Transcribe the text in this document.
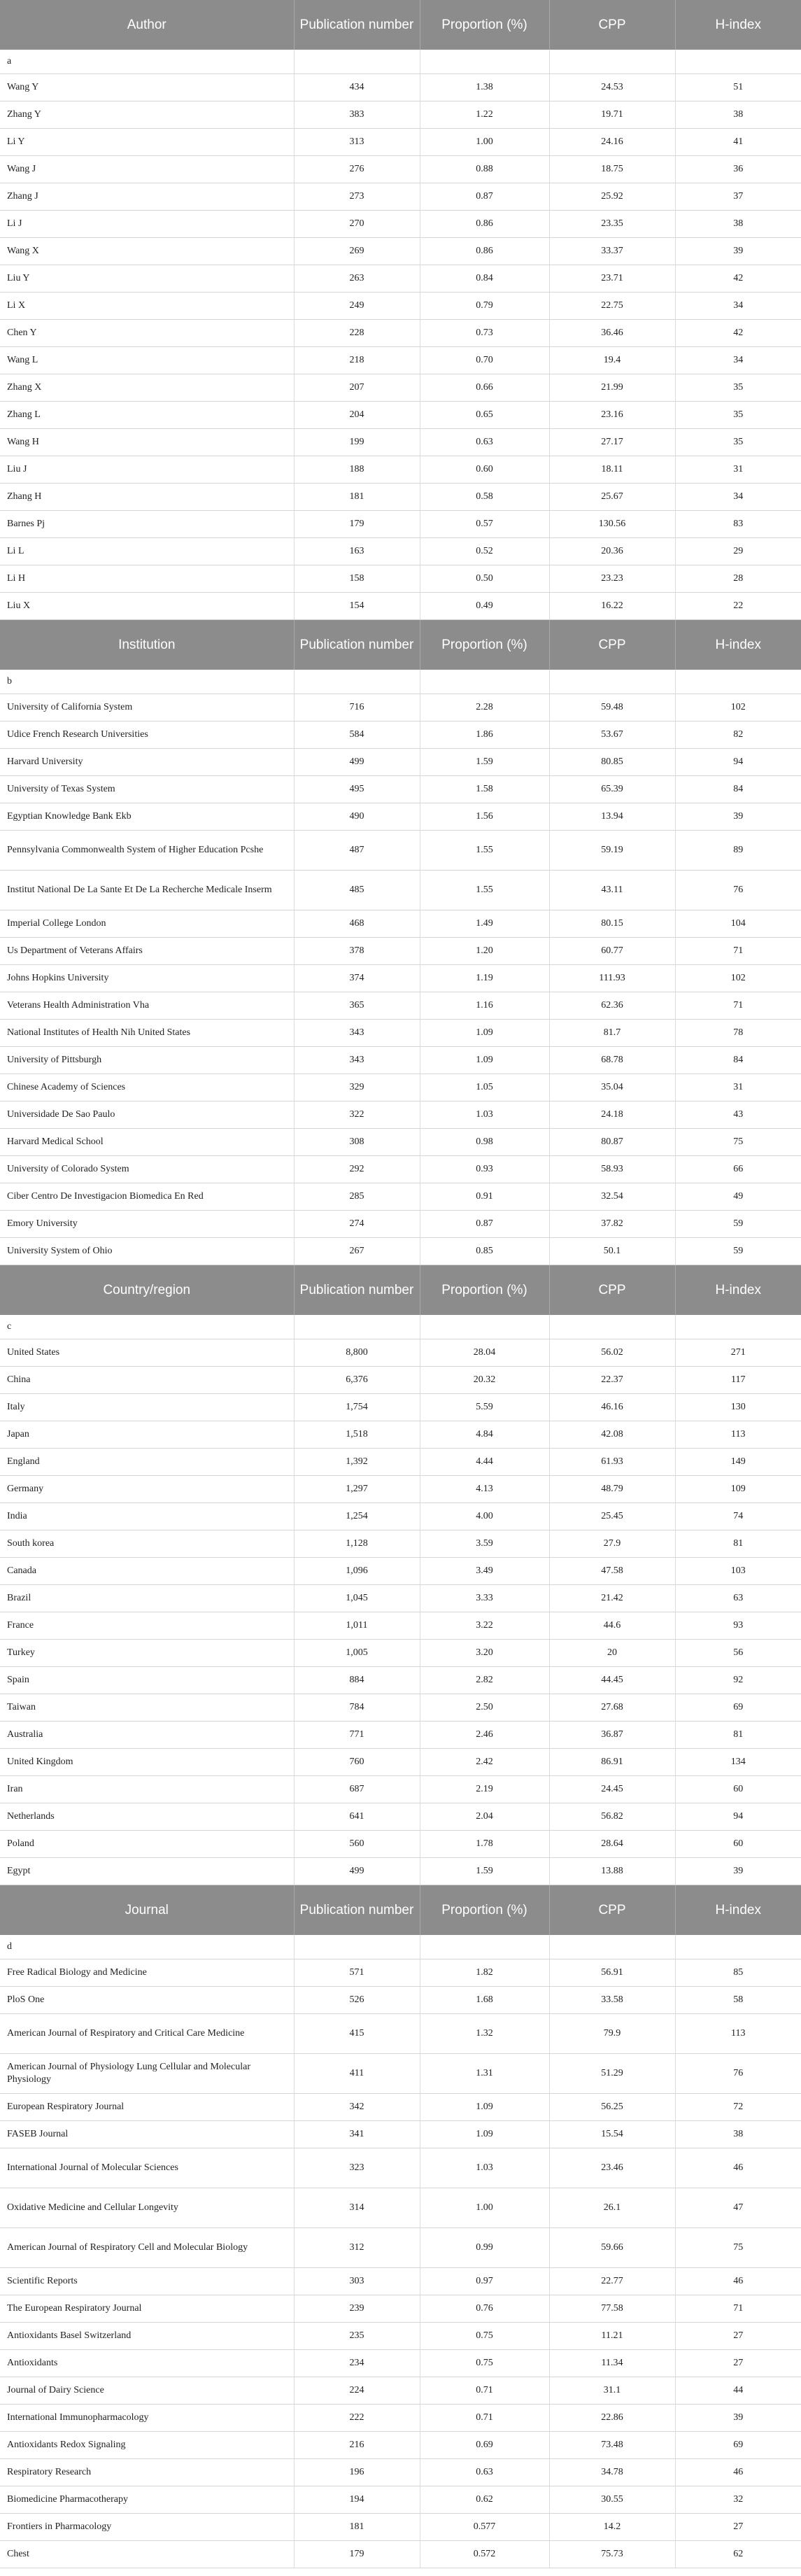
Author	Publication number	Proportion (%)	CPP	H-index
a				
Wang Y	434	1.38	24.53	51
Zhang Y	383	1.22	19.71	38
Li Y	313	1.00	24.16	41
Wang J	276	0.88	18.75	36
Zhang J	273	0.87	25.92	37
Li J	270	0.86	23.35	38
Wang X	269	0.86	33.37	39
Liu Y	263	0.84	23.71	42
Li X	249	0.79	22.75	34
Chen Y	228	0.73	36.46	42
Wang L	218	0.70	19.4	34
Zhang X	207	0.66	21.99	35
Zhang L	204	0.65	23.16	35
Wang H	199	0.63	27.17	35
Liu J	188	0.60	18.11	31
Zhang H	181	0.58	25.67	34
Barnes Pj	179	0.57	130.56	83
Li L	163	0.52	20.36	29
Li H	158	0.50	23.23	28
Liu X	154	0.49	16.22	22
Institution	Publication number	Proportion (%)	CPP	H-index
b				
University of California System	716	2.28	59.48	102
Udice French Research Universities	584	1.86	53.67	82
Harvard University	499	1.59	80.85	94
University of Texas System	495	1.58	65.39	84
Egyptian Knowledge Bank Ekb	490	1.56	13.94	39
Pennsylvania Commonwealth System of Higher Education Pcshe	487	1.55	59.19	89
Institut National De La Sante Et De La Recherche Medicale Inserm	485	1.55	43.11	76
Imperial College London	468	1.49	80.15	104
Us Department of Veterans Affairs	378	1.20	60.77	71
Johns Hopkins University	374	1.19	111.93	102
Veterans Health Administration Vha	365	1.16	62.36	71
National Institutes of Health Nih United States	343	1.09	81.7	78
University of Pittsburgh	343	1.09	68.78	84
Chinese Academy of Sciences	329	1.05	35.04	31
Universidade De Sao Paulo	322	1.03	24.18	43
Harvard Medical School	308	0.98	80.87	75
University of Colorado System	292	0.93	58.93	66
Ciber Centro De Investigacion Biomedica En Red	285	0.91	32.54	49
Emory University	274	0.87	37.82	59
University System of Ohio	267	0.85	50.1	59
Country/region	Publication number	Proportion (%)	CPP	H-index
c				
United States	8,800	28.04	56.02	271
China	6,376	20.32	22.37	117
Italy	1,754	5.59	46.16	130
Japan	1,518	4.84	42.08	113
England	1,392	4.44	61.93	149
Germany	1,297	4.13	48.79	109
India	1,254	4.00	25.45	74
South korea	1,128	3.59	27.9	81
Canada	1,096	3.49	47.58	103
Brazil	1,045	3.33	21.42	63
France	1,011	3.22	44.6	93
Turkey	1,005	3.20	20	56
Spain	884	2.82	44.45	92
Taiwan	784	2.50	27.68	69
Australia	771	2.46	36.87	81
United Kingdom	760	2.42	86.91	134
Iran	687	2.19	24.45	60
Netherlands	641	2.04	56.82	94
Poland	560	1.78	28.64	60
Egypt	499	1.59	13.88	39
Journal	Publication number	Proportion (%)	CPP	H-index
d				
Free Radical Biology and Medicine	571	1.82	56.91	85
PloS One	526	1.68	33.58	58
American Journal of Respiratory and Critical Care Medicine	415	1.32	79.9	113
American Journal of Physiology Lung Cellular and Molecular Physiology	411	1.31	51.29	76
European Respiratory Journal	342	1.09	56.25	72
FASEB Journal	341	1.09	15.54	38
International Journal of Molecular Sciences	323	1.03	23.46	46
Oxidative Medicine and Cellular Longevity	314	1.00	26.1	47
American Journal of Respiratory Cell and Molecular Biology	312	0.99	59.66	75
Scientific Reports	303	0.97	22.77	46
The European Respiratory Journal	239	0.76	77.58	71
Antioxidants Basel Switzerland	235	0.75	11.21	27
Antioxidants	234	0.75	11.34	27
Journal of Dairy Science	224	0.71	31.1	44
International Immunopharmacology	222	0.71	22.86	39
Antioxidants Redox Signaling	216	0.69	73.48	69
Respiratory Research	196	0.63	34.78	46
Biomedicine Pharmacotherapy	194	0.62	30.55	32
Frontiers in Pharmacology	181	0.577	14.2	27
Chest	179	0.572	75.73	62
